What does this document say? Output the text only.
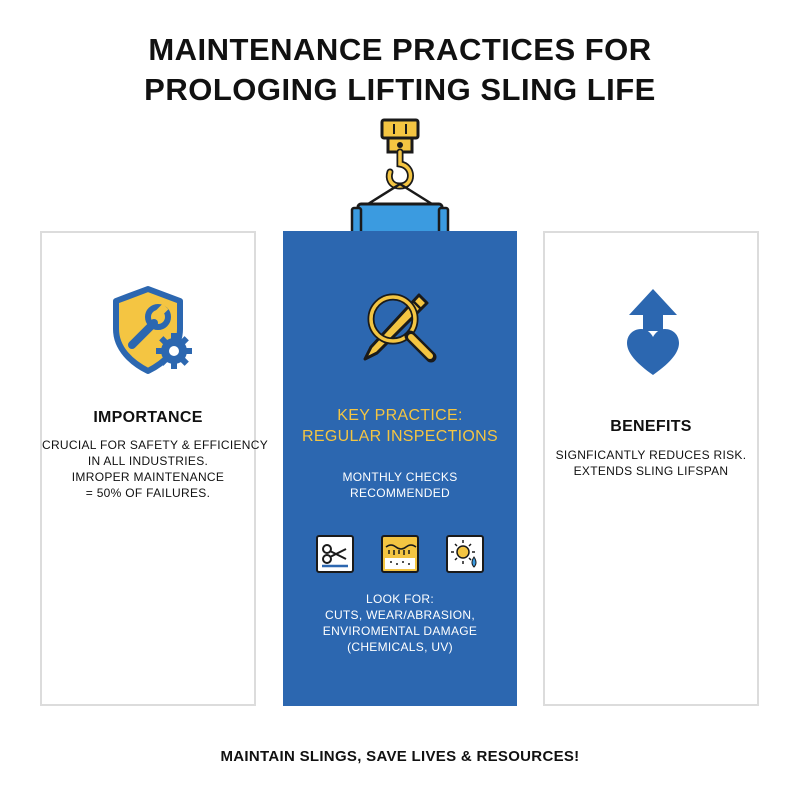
MAINTENANCE PRACTICES FOR
PROLOGING LIFTING SLING LIFE
IMPORTANCE
CRUCIAL FOR SAFETY & EFFICIENCY
IN ALL INDUSTRIES.
IMROPER MAINTENANCE
= 50% OF FAILURES.
KEY PRACTICE:
REGULAR INSPECTIONS
MONTHLY CHECKS
RECOMMENDED
LOOK FOR:
CUTS, WEAR/ABRASION,
ENVIROMENTAL DAMAGE
(CHEMICALS, UV)
BENEFITS
SIGNFICANTLY REDUCES RISK.
EXTENDS SLING LIFSPAN
MAINTAIN SLINGS, SAVE LIVES & RESOURCES!
